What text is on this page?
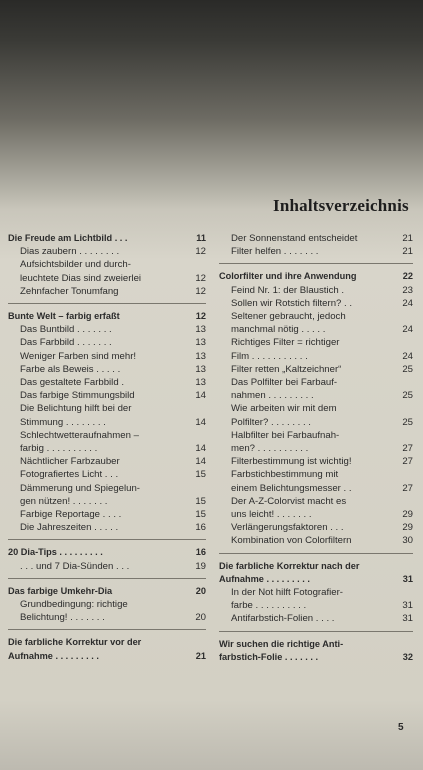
Inhaltsverzeichnis
Die Freude am Lichtbild . . .	11
Dias zaubern . . . . . . . .	12
Aufsichtsbilder und durch-
leuchtete Dias sind zweierlei	12
Zehnfacher Tonumfang	12
Bunte Welt – farbig erfaßt	12
Das Buntbild . . . . . . .	13
Das Farbbild . . . . . . .	13
Weniger Farben sind mehr!	13
Farbe als Beweis . . . . .	13
Das gestaltete Farbbild .	13
Das farbige Stimmungsbild	14
Die Belichtung hilft bei der
Stimmung . . . . . . . .	14
Schlechtwetteraufnahmen –
farbig . . . . . . . . . .	14
Nächtlicher Farbzauber	14
Fotografiertes Licht . . .	15
Dämmerung und Spiegelun-
gen nützen! . . . . . . .	15
Farbige Reportage . . . .	15
Die Jahreszeiten . . . . .	16
20 Dia-Tips . . . . . . . . .	16
. . . und 7 Dia-Sünden . . .	19
Das farbige Umkehr-Dia	20
Grundbedingung: richtige
Belichtung! . . . . . . .	20
Die farbliche Korrektur vor der
Aufnahme . . . . . . . . .	21
Der Sonnenstand entscheidet	21
Filter helfen . . . . . . .	21
Colorfilter und ihre Anwendung	22
Feind Nr. 1: der Blaustich .	23
Sollen wir Rotstich filtern? . .	24
Seltener gebraucht, jedoch
manchmal nötig . . . . .	24
Richtiges Filter = richtiger
Film . . . . . . . . . . .	24
Filter retten „Kaltzeichner“	25
Das Polfilter bei Farbauf-
nahmen . . . . . . . . .	25
Wie arbeiten wir mit dem
Polfilter? . . . . . . . .	25
Halbfilter bei Farbaufnah-
men? . . . . . . . . . .	27
Filterbestimmung ist wichtig!	27
Farbstichbestimmung mit
einem Belichtungsmesser . .	27
Der A-Z-Colorvist macht es
uns leicht! . . . . . . .	29
Verlängerungsfaktoren . . .	29
Kombination von Colorfiltern	30
Die farbliche Korrektur nach der
Aufnahme . . . . . . . . .	31
In der Not hilft Fotografier-
farbe . . . . . . . . . .	31
Antifarbstich-Folien . . . .	31
Wir suchen die richtige Anti-
farbstich-Folie . . . . . . .	32
5
